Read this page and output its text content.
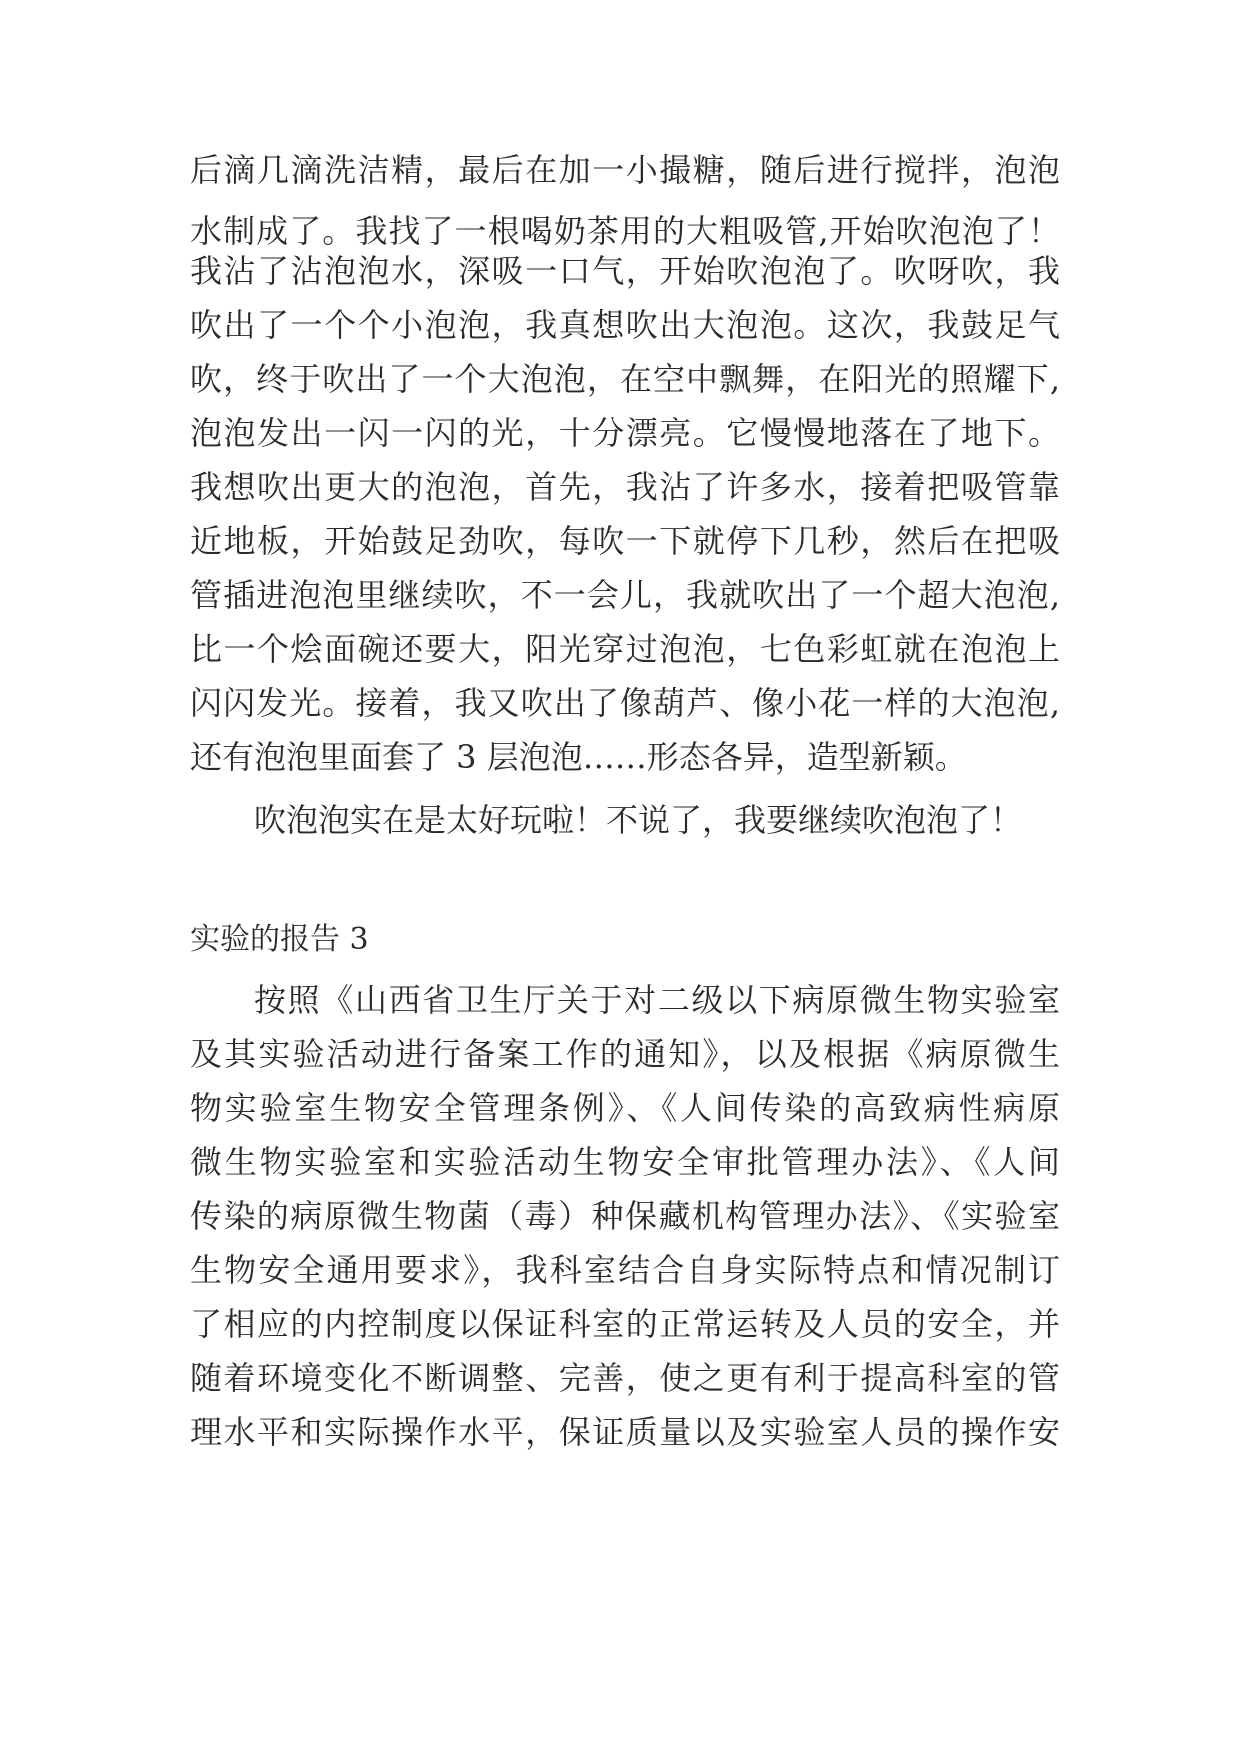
后滴几滴洗洁精，最后在加一小撮糖，随后进行搅拌，泡泡
水制成了。我找了一根喝奶茶用的大粗吸管,开始吹泡泡了！
我沾了沾泡泡水，深吸一口气，开始吹泡泡了。吹呀吹，我
吹出了一个个小泡泡，我真想吹出大泡泡。这次，我鼓足气
吹，终于吹出了一个大泡泡，在空中飘舞，在阳光的照耀下,
泡泡发出一闪一闪的光，十分漂亮。它慢慢地落在了地下。
我想吹出更大的泡泡，首先，我沾了许多水，接着把吸管靠
近地板，开始鼓足劲吹，每吹一下就停下几秒，然后在把吸
管插进泡泡里继续吹，不一会儿，我就吹出了一个超大泡泡,
比一个烩面碗还要大，阳光穿过泡泡，七色彩虹就在泡泡上
闪闪发光。接着，我又吹出了像葫芦、像小花一样的大泡泡,
还有泡泡里面套了 3 层泡泡……形态各异，造型新颖。
吹泡泡实在是太好玩啦！不说了，我要继续吹泡泡了！
实验的报告 3
按照《山西省卫生厅关于对二级以下病原微生物实验室
及其实验活动进行备案工作的通知》，以及根据《病原微生
物实验室生物安全管理条例》、《人间传染的高致病性病原
微生物实验室和实验活动生物安全审批管理办法》、《人间
传染的病原微生物菌（毒）种保藏机构管理办法》、《实验室
生物安全通用要求》，我科室结合自身实际特点和情况制订
了相应的内控制度以保证科室的正常运转及人员的安全，并
随着环境变化不断调整、完善，使之更有利于提高科室的管
理水平和实际操作水平，保证质量以及实验室人员的操作安
